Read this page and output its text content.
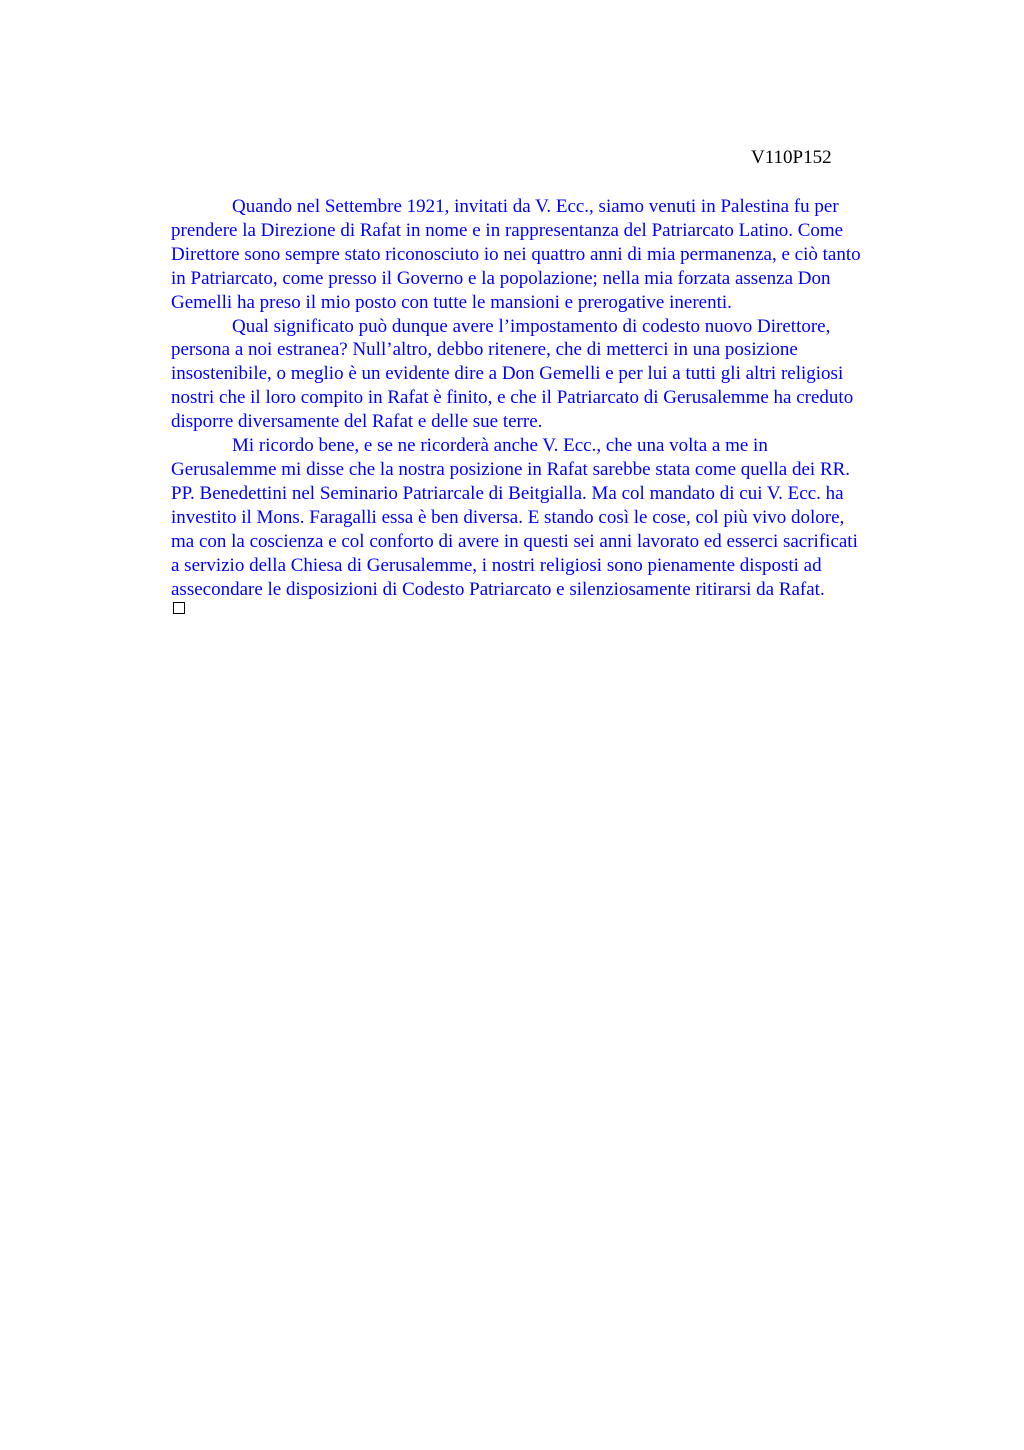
V110P152

Quando nel Settembre 1921, invitati da V. Ecc., siamo venuti in Palestina fu per
prendere la Direzione di Rafat in nome e in rappresentanza del Patriarcato Latino. Come
Direttore sono sempre stato riconosciuto io nei quattro anni di mia permanenza, e ciò tanto
in Patriarcato, come presso il Governo e la popolazione; nella mia forzata assenza Don
Gemelli ha preso il mio posto con tutte le mansioni e prerogative inerenti.

Qual significato può dunque avere l’impostamento di codesto nuovo Direttore,
persona a noi estranea? Null’altro, debbo ritenere, che di metterci in una posizione
insostenibile, o meglio è un evidente dire a Don Gemelli e per lui a tutti gli altri religiosi
nostri che il loro compito in Rafat è finito, e che il Patriarcato di Gerusalemme ha creduto
disporre diversamente del Rafat e delle sue terre.

Mi ricordo bene, e se ne ricorderà anche V. Ecc., che una volta a me in
Gerusalemme mi disse che la nostra posizione in Rafat sarebbe stata come quella dei RR.
PP. Benedettini nel Seminario Patriarcale di Beitgialla. Ma col mandato di cui V. Ecc. ha
investito il Mons. Faragalli essa è ben diversa. E stando così le cose, col più vivo dolore,
ma con la coscienza e col conforto di avere in questi sei anni lavorato ed esserci sacrificati
a servizio della Chiesa di Gerusalemme, i nostri religiosi sono pienamente disposti ad
assecondare le disposizioni di Codesto Patriarcato e silenziosamente ritirarsi da Rafat.
